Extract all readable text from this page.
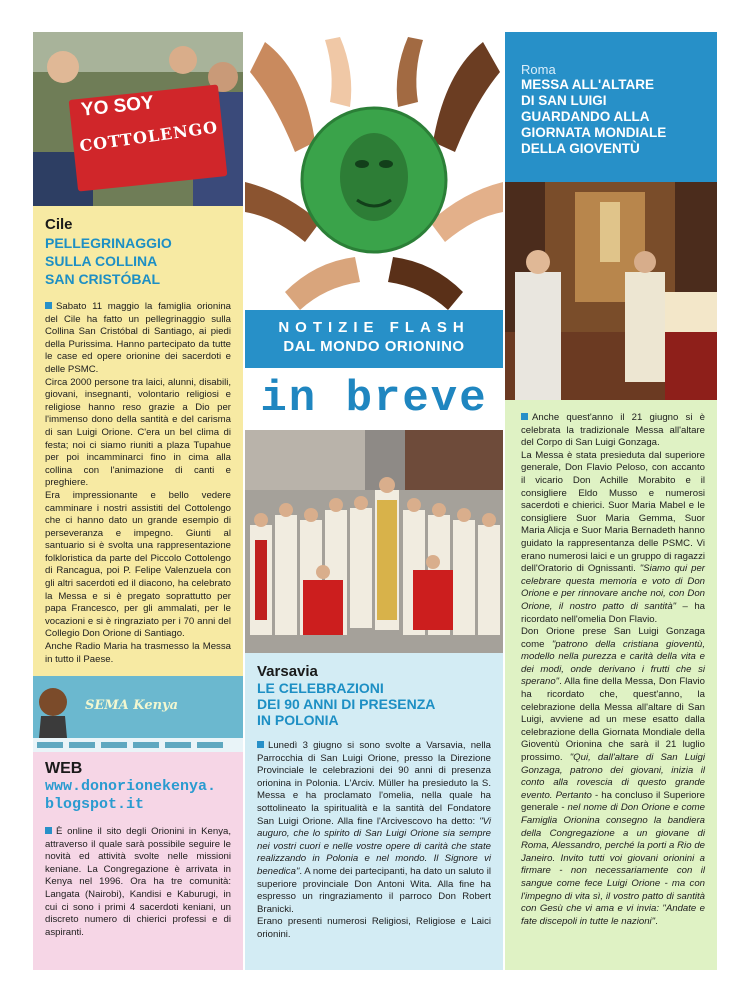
YO SOY
COTTOLENGO
Cile
PELLEGRINAGGIO
SULLA COLLINA
SAN CRISTÓBAL

Sabato 11 maggio la famiglia orionina del Cile ha fatto un pellegrinaggio sulla Collina San Cristóbal di Santiago, ai piedi della Purissima. Hanno partecipato da tutte le case ed opere orionine dei sacerdoti e delle PSMC.

Circa 2000 persone tra laici, alunni, disabili, giovani, insegnanti, volontario religiosi e religiose hanno reso grazie a Dio per l'immenso dono della santità e del carisma di san Luigi Orione. C'era un bel clima di festa; noi ci siamo riuniti a plaza Tupahue per poi incamminarci fino in cima alla collina con l'animazione di canti e preghiere.

Era impressionante e bello vedere camminare i nostri assistiti del Cottolengo che ci hanno dato un grande esempio di perseveranza e impegno. Giunti al santuario si è svolta una rappresentazione folkloristica da parte del Piccolo Cottolengo di Rancagua, poi P. Felipe Valenzuela con gli altri sacerdoti ed il diacono, ha celebrato la Messa e si è pregato soprattutto per papa Francesco, per gli ammalati, per le vocazioni e si è ringraziato per i 70 anni del Collegio Don Orione di Santiago.

Anche Radio Maria ha trasmesso la Messa in tutto il Paese.

SEMA Kenya
WEB
www.donorionekenya.
blogspot.it

È online il sito degli Orionini in Kenya, attraverso il quale sarà possibile seguire le novità ed attività svolte nelle missioni keniane. La Congregazione è arrivata in Kenya nel 1996. Ora ha tre comunità: Langata (Nairobi), Kandisi e Kaburugi, in cui ci sono i primi 4 sacerdoti keniani, un discreto numero di chierici professi e di aspiranti.

NOTIZIE FLASH
DAL MONDO ORIONINO
in breve
Varsavia
LE CELEBRAZIONI
DEI 90 ANNI DI PRESENZA
IN POLONIA

Lunedì 3 giugno si sono svolte a Varsavia, nella Parrocchia di San Luigi Orione, presso la Direzione Provinciale le celebrazioni dei 90 anni di presenza orionina in Polonia. L'Arciv. Müller ha presieduto la S. Messa e ha proclamato l'omelia, nella quale ha sottolineato la spiritualità e la santità del Fondatore San Luigi Orione. Alla fine l'Arcivescovo ha detto: "Vi auguro, che lo spirito di San Luigi Orione sia sempre nei vostri cuori e nelle vostre opere di carità che state realizzando in Polonia e nel mondo. Il Signore vi benedica". A nome dei partecipanti, ha dato un saluto il superiore provinciale Don Antoni Wita. Alla fine ha espresso un ringraziamento il parroco Don Robert Branicki.

Erano presenti numerosi Religiosi, Religiose e Laici orionini.

Roma
MESSA ALL'ALTARE
DI SAN LUIGI
GUARDANDO ALLA
GIORNATA MONDIALE
DELLA GIOVENTÙ

Anche quest'anno il 21 giugno si è celebrata la tradizionale Messa all'altare del Corpo di San Luigi Gonzaga.

La Messa è stata presieduta dal superiore generale, Don Flavio Peloso, con accanto il vicario Don Achille Morabito e il consigliere Eldo Musso e numerosi sacerdoti e chierici. Suor Maria Mabel e le consigliere Suor Maria Gemma, Suor Maria Alicja e Suor Maria Bernadeth hanno guidato la rappresentanza delle PSMC. Vi erano numerosi laici e un gruppo di ragazzi dell'Oratorio di Ognissanti. "Siamo qui per celebrare questa memoria e voto di Don Orione e per rinnovare anche noi, con Don Orione, il nostro patto di santità" – ha ricordato nell'omelia Don Flavio.

Don Orione prese San Luigi Gonzaga come "patrono della cristiana gioventù, modello nella purezza e carità della vita e dei modi, onde derivano i frutti che si sperano". Alla fine della Messa, Don Flavio ha ricordato che, quest'anno, la celebrazione della Messa all'altare di San Luigi, avviene ad un mese esatto dalla celebrazione della Giornata Mondiale della Gioventù Orionina che sarà il 21 luglio prossimo. "Qui, dall'altare di San Luigi Gonzaga, patrono dei giovani, inizia il conto alla rovescia di questo grande evento. Pertanto - ha concluso il Superiore generale - nel nome di Don Orione e come Famiglia Orionina consegno la bandiera della Congregazione a un giovane di Roma, Alessandro, perché la porti a Rio de Janeiro. Invito tutti voi giovani orionini a firmare - non necessariamente con il sangue come fece Luigi Orione - ma con l'impegno di vita sì, il vostro patto di santità con Gesù che vi ama e vi invia: "Andate e fate discepoli in tutte le nazioni".
